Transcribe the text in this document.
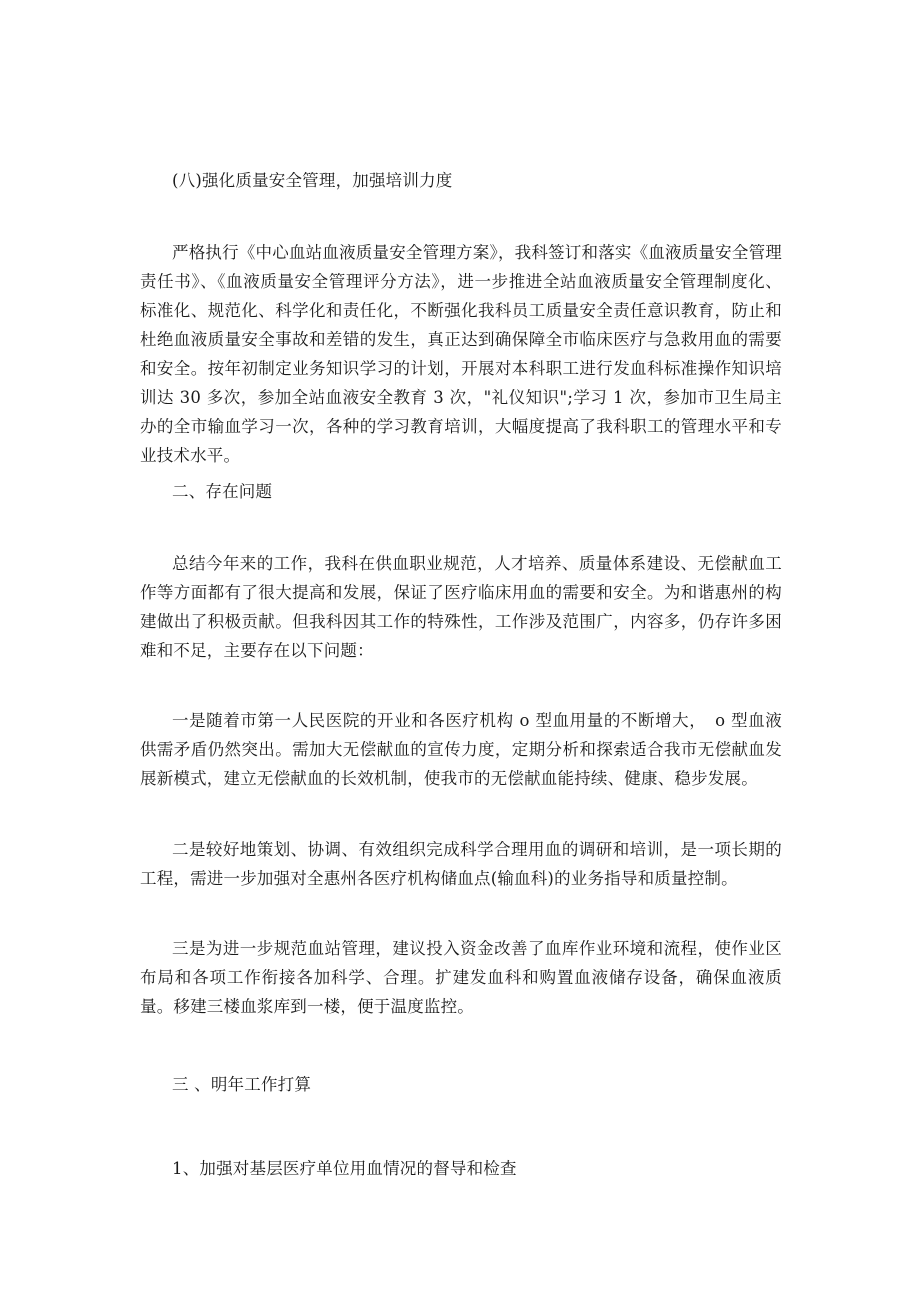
(八)强化质量安全管理，加强培训力度

严格执行《中心血站血液质量安全管理方案》，我科签订和落实《血液质量安全管理责任书》、《血液质量安全管理评分方法》，进一步推进全站血液质量安全管理制度化、标准化、规范化、科学化和责任化，不断强化我科员工质量安全责任意识教育，防止和杜绝血液质量安全事故和差错的发生，真正达到确保障全市临床医疗与急救用血的需要和安全。按年初制定业务知识学习的计划，开展对本科职工进行发血科标准操作知识培训达 30 多次，参加全站血液安全教育 3 次，"礼仪知识";学习 1 次，参加市卫生局主办的全市输血学习一次，各种的学习教育培训，大幅度提高了我科职工的管理水平和专业技术水平。

二、存在问题

总结今年来的工作，我科在供血职业规范，人才培养、质量体系建设、无偿献血工作等方面都有了很大提高和发展，保证了医疗临床用血的需要和安全。为和谐惠州的构建做出了积极贡献。但我科因其工作的特殊性，工作涉及范围广，内容多，仍存许多困难和不足，主要存在以下问题：

一是随着市第一人民医院的开业和各医疗机构 o 型血用量的不断增大，　o 型血液供需矛盾仍然突出。需加大无偿献血的宣传力度，定期分析和探索适合我市无偿献血发展新模式，建立无偿献血的长效机制，使我市的无偿献血能持续、健康、稳步发展。

二是较好地策划、协调、有效组织完成科学合理用血的调研和培训，是一项长期的工程，需进一步加强对全惠州各医疗机构储血点(输血科)的业务指导和质量控制。

三是为进一步规范血站管理，建议投入资金改善了血库作业环境和流程，使作业区布局和各项工作衔接各加科学、合理。扩建发血科和购置血液储存设备，确保血液质量。移建三楼血浆库到一楼，便于温度监控。

三 、明年工作打算

1、加强对基层医疗单位用血情况的督导和检查
